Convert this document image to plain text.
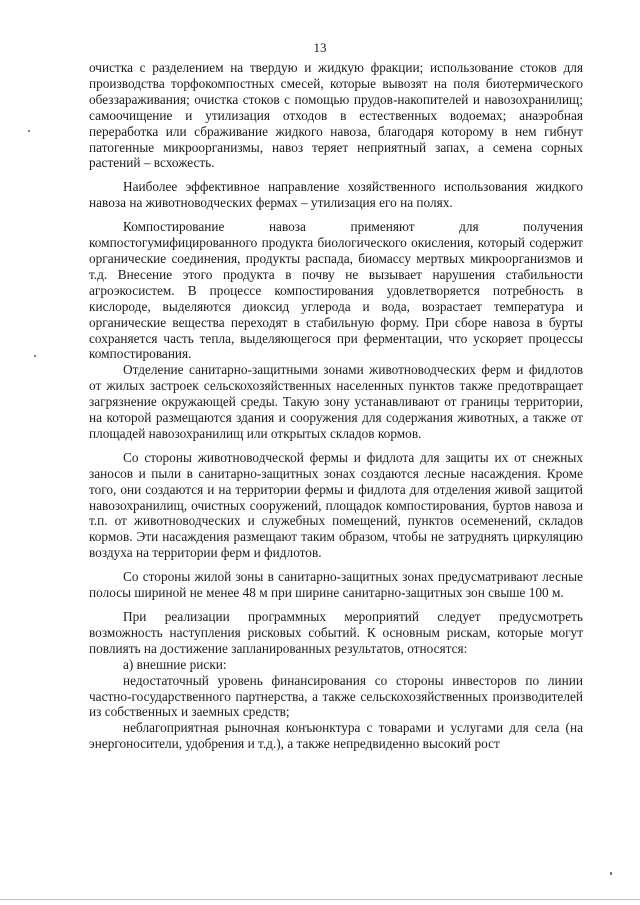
13

очистка с разделением на твердую и жидкую фракции; использование стоков для производства торфокомпостных смесей, которые вывозят на поля биотермического обеззараживания; очистка стоков с помощью прудов-накопителей и навозохранилищ; самоочищение и утилизация отходов в естественных водоемах; анаэробная переработка или сбраживание жидкого навоза, благодаря которому в нем гибнут патогенные микроорганизмы, навоз теряет неприятный запах, а семена сорных растений – всхожесть.

Наиболее эффективное направление хозяйственного использования жидкого навоза на животноводческих фермах – утилизация его на полях.

Компостирование навоза применяют для получения компостогумифицированного продукта биологического окисления, который содержит органические соединения, продукты распада, биомассу мертвых микроорганизмов и т.д. Внесение этого продукта в почву не вызывает нарушения стабильности агроэкосистем. В процессе компостирования удовлетворяется потребность в кислороде, выделяются диоксид углерода и вода, возрастает температура и органические вещества переходят в стабильную форму. При сборе навоза в бурты сохраняется часть тепла, выделяющегося при ферментации, что ускоряет процессы компостирования.

Отделение санитарно-защитными зонами животноводческих ферм и фидлотов от жилых застроек сельскохозяйственных населенных пунктов также предотвращает загрязнение окружающей среды. Такую зону устанавливают от границы территории, на которой размещаются здания и сооружения для содержания животных, а также от площадей навозохранилищ или открытых складов кормов.

Со стороны животноводческой фермы и фидлота для защиты их от снежных заносов и пыли в санитарно-защитных зонах создаются лесные насаждения. Кроме того, они создаются и на территории фермы и фидлота для отделения живой защитой навозохранилищ, очистных сооружений, площадок компостирования, буртов навоза и т.п. от животноводческих и служебных помещений, пунктов осеменений, складов кормов. Эти насаждения размещают таким образом, чтобы не затруднять циркуляцию воздуха на территории ферм и фидлотов.

Со стороны жилой зоны в санитарно-защитных зонах предусматривают лесные полосы шириной не менее 48 м при ширине санитарно-защитных зон свыше 100 м.

При реализации программных мероприятий следует предусмотреть возможность наступления рисковых событий. К основным рискам, которые могут повлиять на достижение запланированных результатов, относятся:

а) внешние риски:

недостаточный уровень финансирования со стороны инвесторов по линии частно-государственного партнерства, а также сельскохозяйственных производителей из собственных и заемных средств;

неблагоприятная рыночная конъюнктура с товарами и услугами для села (на энергоносители, удобрения и т.д.), а также непредвиденно высокий рост
